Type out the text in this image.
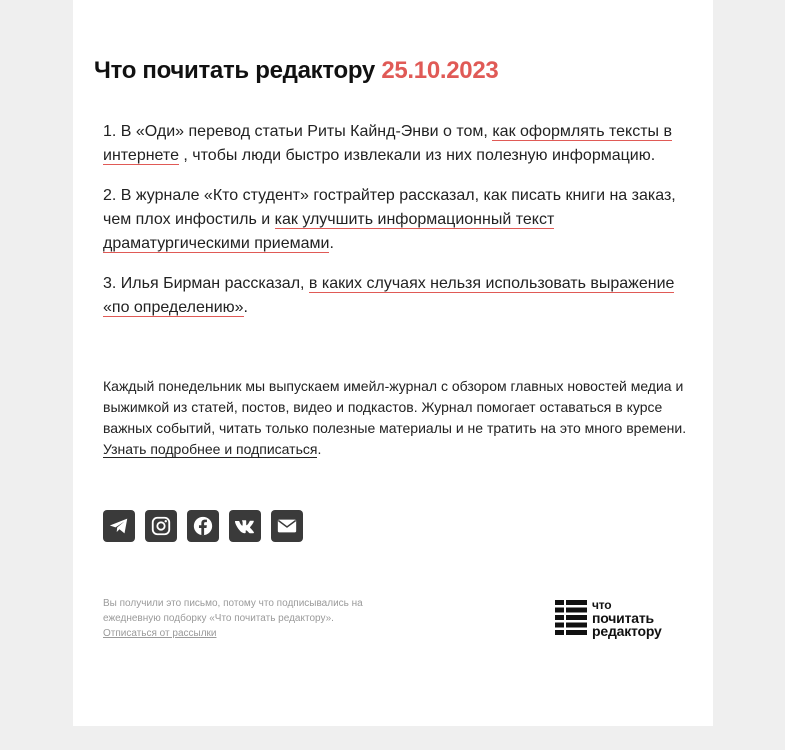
Что почитать редактору 25.10.2023

1. В «Оди» перевод статьи Риты Кайнд-Энви о том, как оформлять тексты в интернете , чтобы люди быстро извлекали из них полезную информацию.

2. В журнале «Кто студент» гострайтер рассказал, как писать книги на заказ, чем плох инфостиль и как улучшить информационный текст драматургическими приемами.

3. Илья Бирман рассказал, в каких случаях нельзя использовать выражение «по определению».

Каждый понедельник мы выпускаем имейл-журнал с обзором главных новостей медиа и выжимкой из статей, постов, видео и подкастов. Журнал помогает оставаться в курсе важных событий, читать только полезные материалы и не тратить на это много времени. Узнать подробнее и подписаться.

Вы получили это письмо, потому что подписывались на ежедневную подборку «Что почитать редактору».
Отписаться от рассылки
что
почитать
редактору
